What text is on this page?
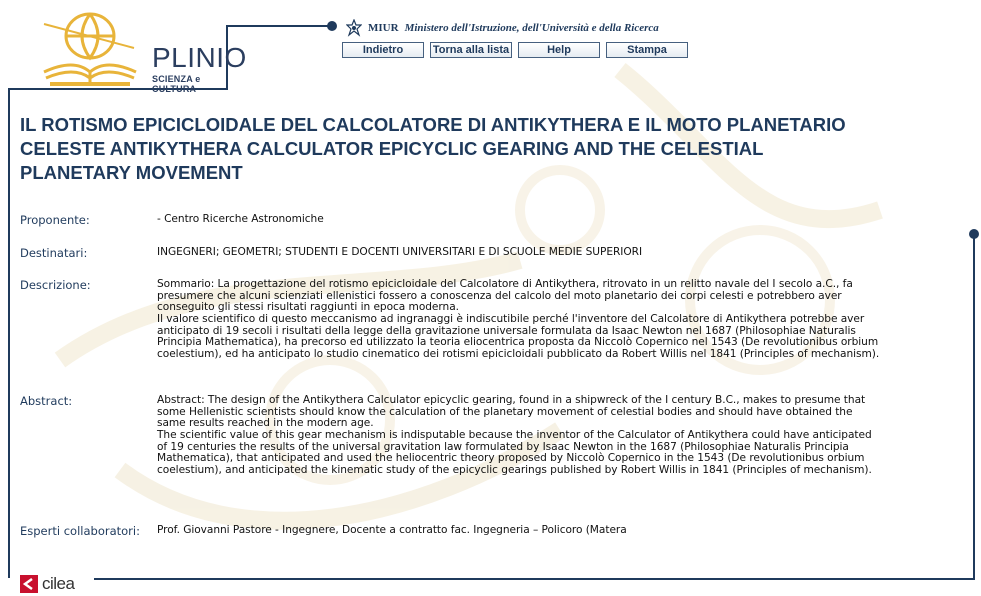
PLINIO
SCIENZA e CULTURA
MIUR Ministero dell'Istruzione, dell'Università e della Ricerca
Indietro	Torna alla lista	Help	Stampa
IL ROTISMO EPICICLOIDALE DEL CALCOLATORE DI ANTIKYTHERA E IL MOTO PLANETARIO CELESTE ANTIKYTHERA CALCULATOR EPICYCLIC GEARING AND THE CELESTIAL PLANETARY MOVEMENT
Proponente:	- Centro Ricerche Astronomiche
Destinatari:	INGEGNERI; GEOMETRI; STUDENTI E DOCENTI UNIVERSITARI E DI SCUOLE MEDIE SUPERIORI
Descrizione:	Sommario: La progettazione del rotismo epicicloidale del Calcolatore di Antikythera, ritrovato in un relitto navale del I secolo a.C., fa presumere che alcuni scienziati ellenistici fossero a conoscenza del calcolo del moto planetario dei corpi celesti e potrebbero aver conseguito gli stessi risultati raggiunti in epoca moderna.
Il valore scientifico di questo meccanismo ad ingranaggi è indiscutibile perché l'inventore del Calcolatore di Antikythera potrebbe aver anticipato di 19 secoli i risultati della legge della gravitazione universale formulata da Isaac Newton nel 1687 (Philosophiae Naturalis Principia Mathematica), ha precorso ed utilizzato la teoria eliocentrica proposta da Niccolò Copernico nel 1543 (De revolutionibus orbium coelestium), ed ha anticipato lo studio cinematico dei rotismi epicicloidali pubblicato da Robert Willis nel 1841 (Principles of mechanism).
Abstract:	Abstract: The design of the Antikythera Calculator epicyclic gearing, found in a shipwreck of the I century B.C., makes to presume that some Hellenistic scientists should know the calculation of the planetary movement of celestial bodies and should have obtained the same results reached in the modern age.
The scientific value of this gear mechanism is indisputable because the inventor of the Calculator of Antikythera could have anticipated of 19 centuries the results of the universal gravitation law formulated by Isaac Newton in the 1687 (Philosophiae Naturalis Principia Mathematica), that anticipated and used the heliocentric theory proposed by Niccolò Copernico in the 1543 (De revolutionibus orbium coelestium), and anticipated the kinematic study of the epicyclic gearings published by Robert Willis in 1841 (Principles of mechanism).
Esperti collaboratori: Prof. Giovanni Pastore - Ingegnere, Docente a contratto fac. Ingegneria – Policoro (Matera
cilea
